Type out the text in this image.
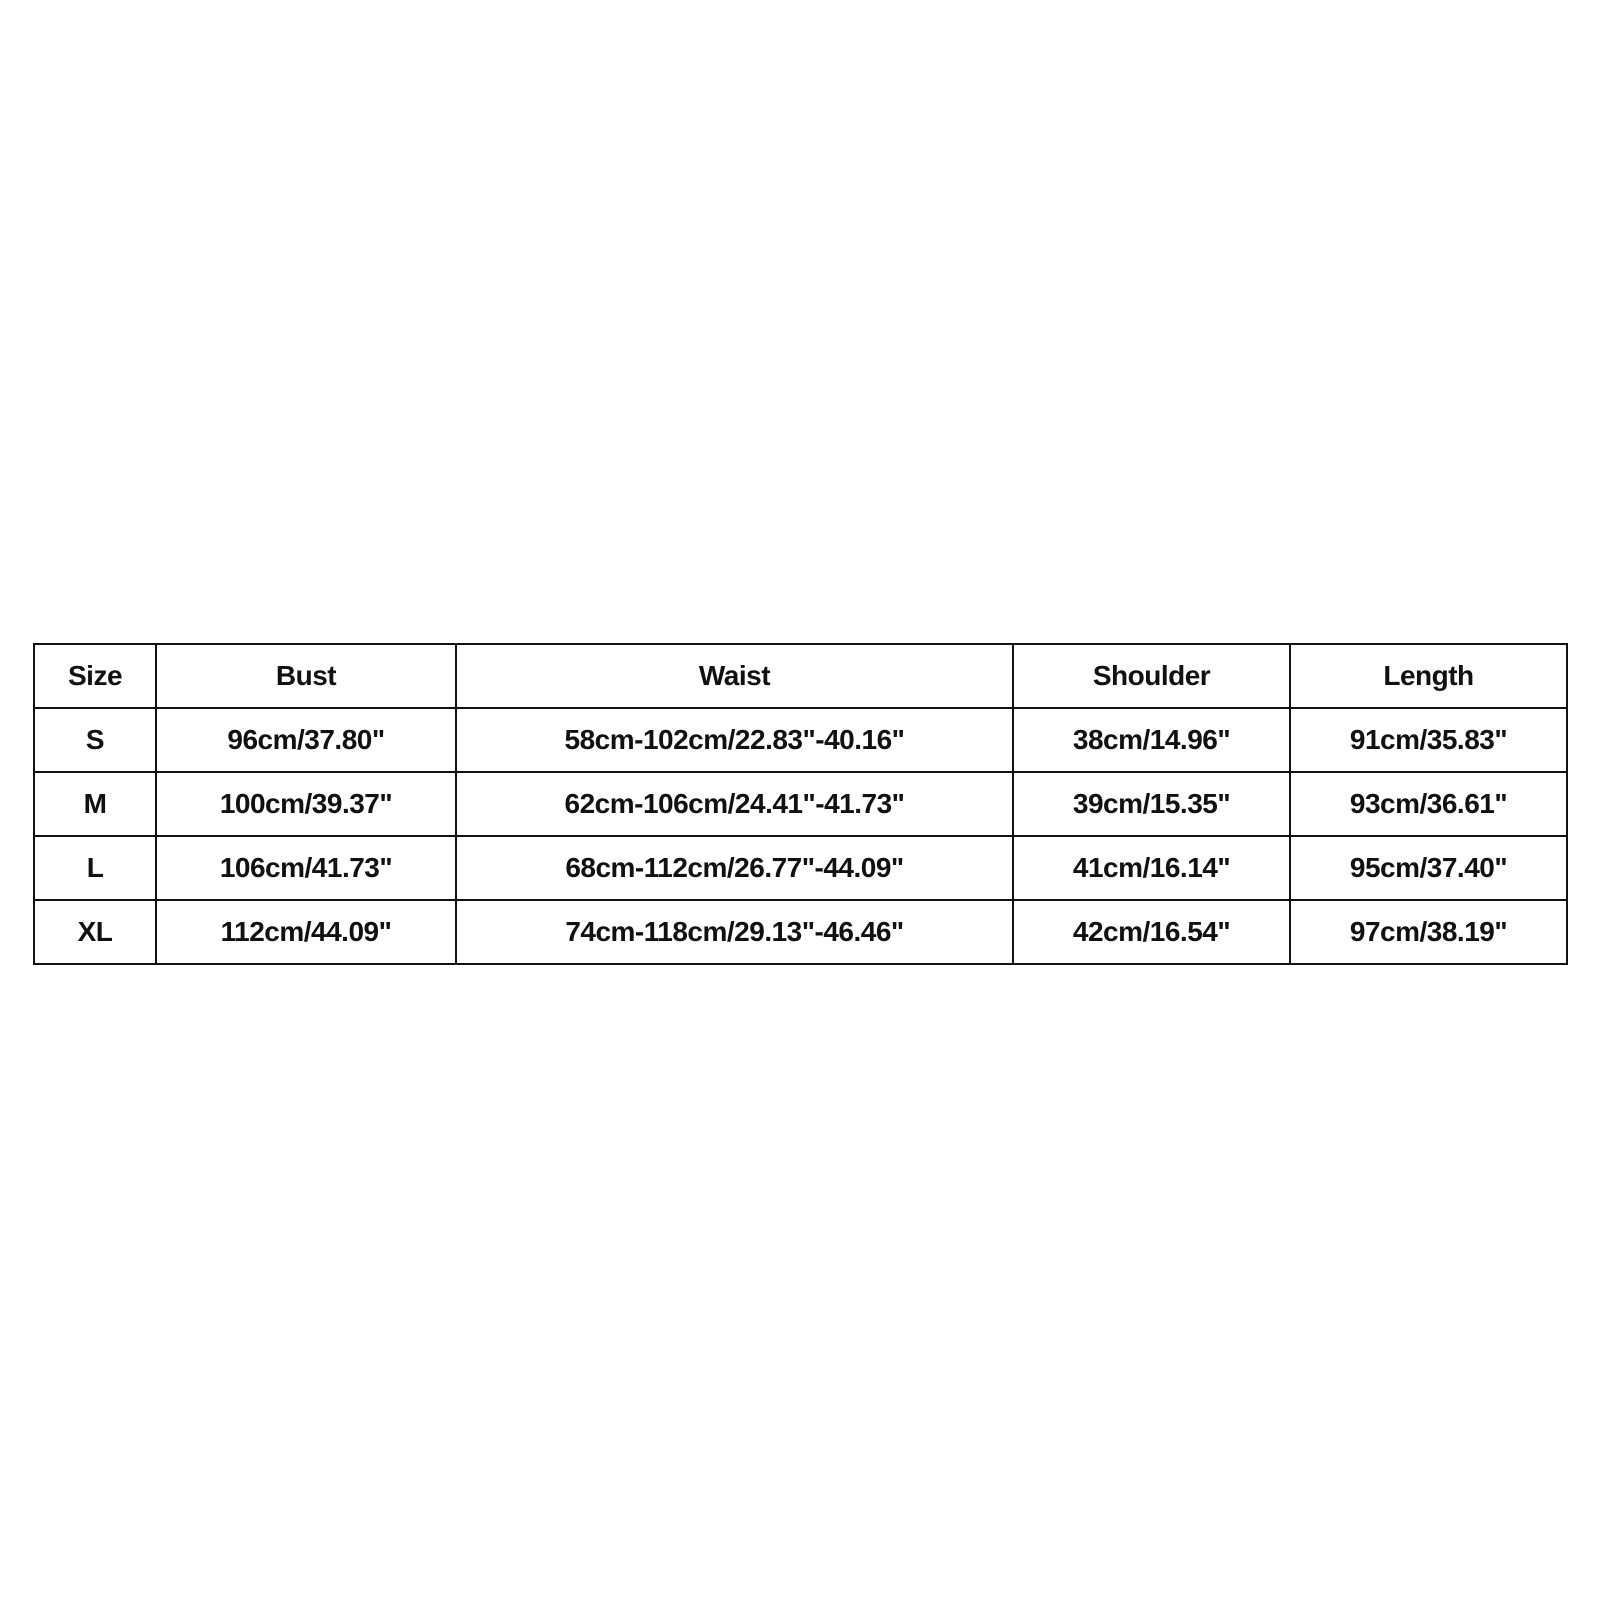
Size	Bust	Waist	Shoulder	Length
S	96cm/37.80"	58cm-102cm/22.83"-40.16"	38cm/14.96"	91cm/35.83"
M	100cm/39.37"	62cm-106cm/24.41"-41.73"	39cm/15.35"	93cm/36.61"
L	106cm/41.73"	68cm-112cm/26.77"-44.09"	41cm/16.14"	95cm/37.40"
XL	112cm/44.09"	74cm-118cm/29.13"-46.46"	42cm/16.54"	97cm/38.19"
